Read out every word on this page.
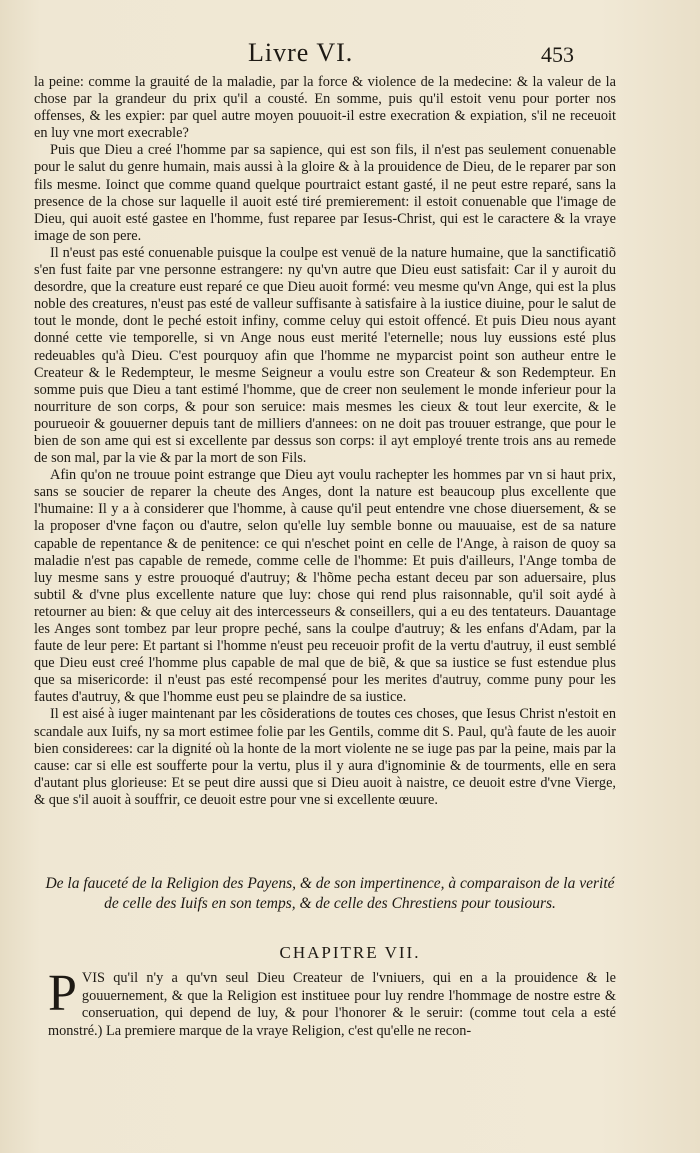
Livre VI.	453

la peine: comme la grauité de la maladie, par la force & violence de la medecine: & la valeur de la chose par la grandeur du prix qu'il a cousté. En somme, puis qu'il estoit venu pour porter nos offenses, & les expier: par quel autre moyen pouuoit-il estre execration & expiation, s'il ne receuoit en luy vne mort execrable?

Puis que Dieu a creé l'homme par sa sapience, qui est son fils, il n'est pas seulement conuenable pour le salut du genre humain, mais aussi à la gloire & à la prouidence de Dieu, de le reparer par son fils mesme. Ioinct que comme quand quelque pourtraict estant gasté, il ne peut estre reparé, sans la presence de la chose sur laquelle il auoit esté tiré premierement: il estoit conuenable que l'image de Dieu, qui auoit esté gastee en l'homme, fust reparee par Iesus-Christ, qui est le caractere & la vraye image de son pere.

Il n'eust pas esté conuenable puisque la coulpe est venuë de la nature humaine, que la sanctificatiõ s'en fust faite par vne personne estrangere: ny qu'vn autre que Dieu eust satisfait: Car il y auroit du desordre, que la creature eust reparé ce que Dieu auoit formé: veu mesme qu'vn Ange, qui est la plus noble des creatures, n'eust pas esté de valleur suffisante à satisfaire à la iustice diuine, pour le salut de tout le monde, dont le peché estoit infiny, comme celuy qui estoit offencé. Et puis Dieu nous ayant donné cette vie temporelle, si vn Ange nous eust merité l'eternelle; nous luy eussions esté plus redeuables qu'à Dieu. C'est pourquoy afin que l'homme ne myparcist point son autheur entre le Createur & le Redempteur, le mesme Seigneur a voulu estre son Createur & son Redempteur. En somme puis que Dieu a tant estimé l'homme, que de creer non seulement le monde inferieur pour la nourriture de son corps, & pour son seruice: mais mesmes les cieux & tout leur exercite, & le pourueoir & gouuerner depuis tant de milliers d'annees: on ne doit pas trouuer estrange, que pour le bien de son ame qui est si excellente par dessus son corps: il ayt employé trente trois ans au remede de son mal, par la vie & par la mort de son Fils.

Afin qu'on ne trouue point estrange que Dieu ayt voulu rachepter les hommes par vn si haut prix, sans se soucier de reparer la cheute des Anges, dont la nature est beaucoup plus excellente que l'humaine: Il y a à considerer que l'homme, à cause qu'il peut entendre vne chose diuersement, & se la proposer d'vne façon ou d'autre, selon qu'elle luy semble bonne ou mauuaise, est de sa nature capable de repentance & de penitence: ce qui n'eschet point en celle de l'Ange, à raison de quoy sa maladie n'est pas capable de remede, comme celle de l'homme: Et puis d'ailleurs, l'Ange tomba de luy mesme sans y estre prouoqué d'autruy; & l'hõme pecha estant deceu par son aduersaire, plus subtil & d'vne plus excellente nature que luy: chose qui rend plus raisonnable, qu'il soit aydé à retourner au bien: & que celuy ait des intercesseurs & conseillers, qui a eu des tentateurs. Dauantage les Anges sont tombez par leur propre peché, sans la coulpe d'autruy; & les enfans d'Adam, par la faute de leur pere: Et partant si l'homme n'eust peu receuoir profit de la vertu d'autruy, il eust semblé que Dieu eust creé l'homme plus capable de mal que de biẽ, & que sa iustice se fust estendue plus que sa misericorde: il n'eust pas esté recompensé pour les merites d'autruy, comme puny pour les fautes d'autruy, & que l'homme eust peu se plaindre de sa iustice.

Il est aisé à iuger maintenant par les cõsiderations de toutes ces choses, que Iesus Christ n'estoit en scandale aux Iuifs, ny sa mort estimee folie par les Gentils, comme dit S. Paul, qu'à faute de les auoir bien considerees: car la dignité où la honte de la mort violente ne se iuge pas par la peine, mais par la cause: car si elle est soufferte pour la vertu, plus il y aura d'ignominie & de tourments, elle en sera d'autant plus glorieuse: Et se peut dire aussi que si Dieu auoit à naistre, ce deuoit estre d'vne Vierge, & que s'il auoit à souffrir, ce deuoit estre pour vne si excellente œuure.

De la fauceté de la Religion des Payens, & de son impertinence, à comparaison de la verité de celle des Iuifs en son temps, & de celle des Chrestiens pour tousiours.
CHAPITRE VII.
PVIS qu'il n'y a qu'vn seul Dieu Createur de l'vniuers, qui en a la prouidence & le gouuernement, & que la Religion est instituee pour luy rendre l'hommage de nostre estre & conseruation, qui depend de luy, & pour l'honorer & le seruir: (comme tout cela a esté monstré.) La premiere marque de la vraye Religion, c'est qu'elle ne recon-
